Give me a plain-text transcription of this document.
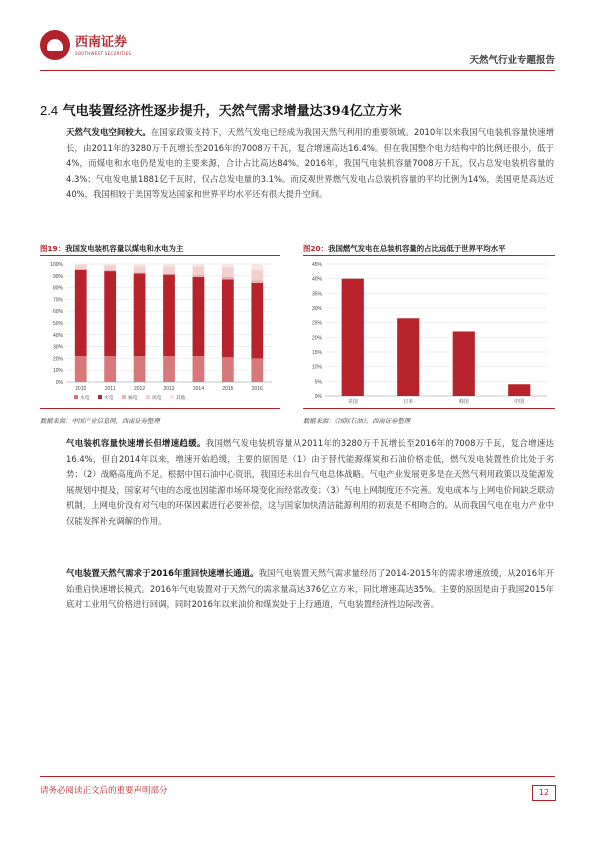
西南证券
SOUTHWEST SECURITIES
天然气行业专题报告
2.4 气电装置经济性逐步提升，天然气需求增量达394亿立方米
天然气发电空间较大。在国家政策支持下，天然气发电已经成为我国天然气利用的重要领域。2010年以来我国气电装机容量快速增长，由2011年的3280万千瓦增长至2016年的7008万千瓦，复合增速高达16.4%。但在我国整个电力结构中的比例还很小，低于4%，而煤电和水电仍是发电的主要来源，合计占比高达84%。2016年，我国气电装机容量7008万千瓦，仅占总发电装机容量的4.3%；气电发电量1881亿千瓦时，仅占总发电量的3.1%。而反观世界燃气发电占总装机容量的平均比例为14%，美国更是高达近40%，我国相较于美国等发达国家和世界平均水平还有很大提升空间。
图19：我国发电装机容量以煤电和水电为主
0%
10%
20%
30%
40%
50%
60%
70%
80%
90%
100%
2010	2011	2012	2013	2014	2015	2016
水电	火电	核电	风电	其他
数据来源：中国产业信息网，西南证券整理
图20：我国燃气发电在总装机容量的占比远低于世界平均水平
0%
5%
10%
15%
20%
25%
30%
35%
40%
45%
美国	日本	韩国	中国
数据来源：《国际石油》，西南证券整理
气电装机容量快速增长但增速趋缓。我国燃气发电装机容量从2011年的3280万千瓦增长至2016年的7008万千瓦，复合增速达16.4%，但自2014年以来，增速开始趋缓，主要的原因是（1）由于替代能源煤炭和石油价格走低，燃气发电装置性价比处于劣势；（2）战略高度尚不足。根据中国石油中心资讯，我国还未出台气电总体战略。气电产业发展更多是在天然气利用政策以及能源发展规划中提及，国家对气电的态度也因能源市场环境变化而经常改变；（3）气电上网制度还不完善。发电成本与上网电价间缺乏联动机制，上网电价没有对气电的环保因素进行必要补偿，这与国家加快清洁能源利用的初衷是不相吻合的。从而我国气电在电力产业中仅能发挥补充调解的作用。
气电装置天然气需求于2016年重回快速增长通道。我国气电装置天然气需求量经历了2014-2015年的需求增速放缓，从2016年开始重启快速增长模式。2016年气电装置对于天然气的需求量高达376亿立方米，同比增速高达35%。主要的原因是由于我国2015年底对工业用气价格进行回调，同时2016年以来油价和煤炭处于上行通道，气电装置经济性边际改善。
请务必阅读正文后的重要声明部分	12
